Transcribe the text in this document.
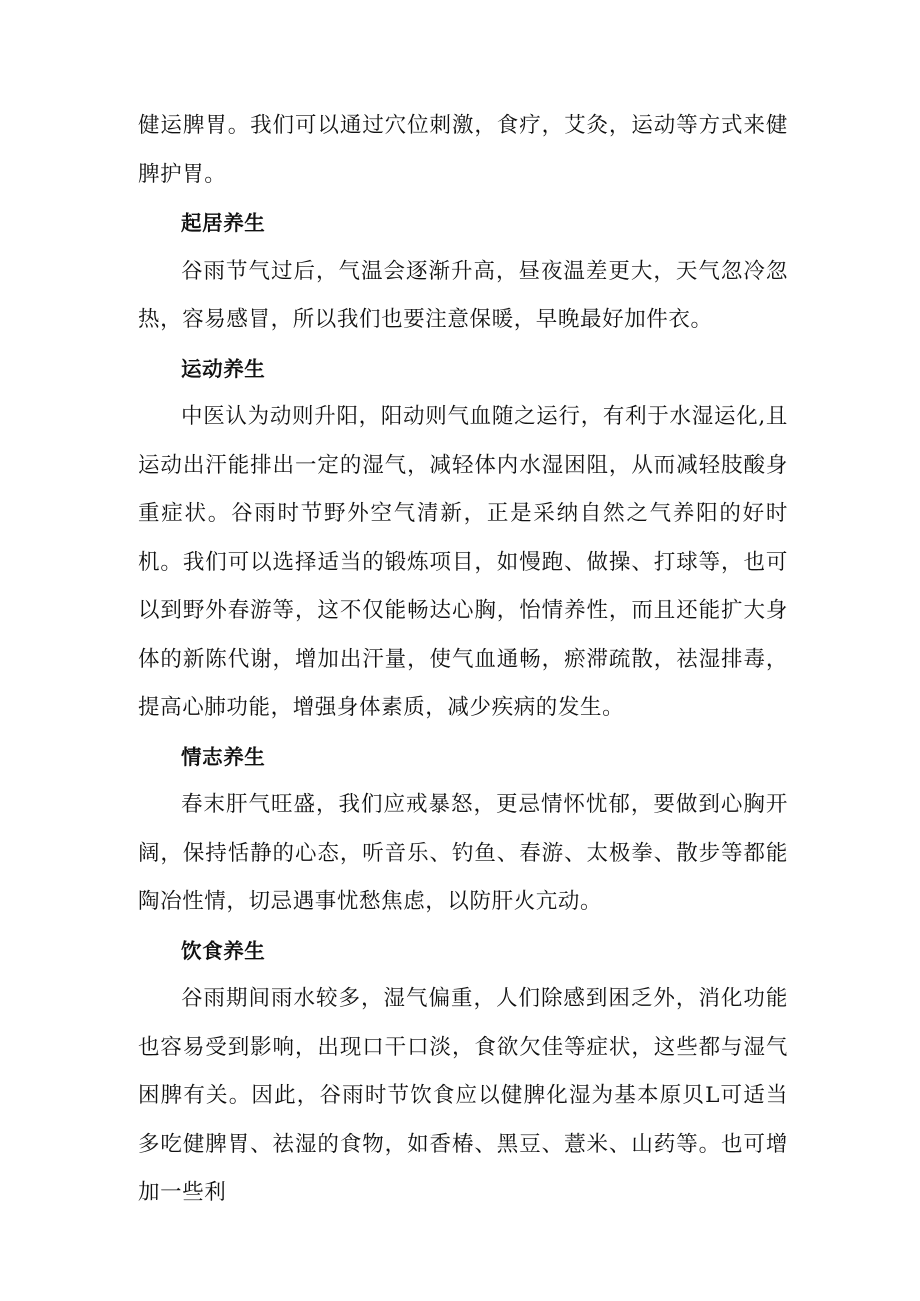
健运脾胃。我们可以通过穴位刺激，食疗，艾灸，运动等方式来健脾护胃。

起居养生

谷雨节气过后，气温会逐渐升高，昼夜温差更大，天气忽冷忽热，容易感冒，所以我们也要注意保暖，早晚最好加件衣。

运动养生

中医认为动则升阳，阳动则气血随之运行，有利于水湿运化,且运动出汗能排出一定的湿气，减轻体内水湿困阻，从而减轻肢酸身重症状。谷雨时节野外空气清新，正是采纳自然之气养阳的好时机。我们可以选择适当的锻炼项目，如慢跑、做操、打球等，也可以到野外春游等，这不仅能畅达心胸，怡情养性，而且还能扩大身体的新陈代谢，增加出汗量，使气血通畅，瘀滞疏散，祛湿排毒，提高心肺功能，增强身体素质，减少疾病的发生。

情志养生

春末肝气旺盛，我们应戒暴怒，更忌情怀忧郁，要做到心胸开阔，保持恬静的心态，听音乐、钓鱼、春游、太极拳、散步等都能陶冶性情，切忌遇事忧愁焦虑，以防肝火亢动。

饮食养生

谷雨期间雨水较多，湿气偏重，人们除感到困乏外，消化功能也容易受到影响，出现口干口淡，食欲欠佳等症状，这些都与湿气困脾有关。因此，谷雨时节饮食应以健脾化湿为基本原贝L可适当多吃健脾胃、祛湿的食物，如香椿、黑豆、薏米、山药等。也可增加一些利
